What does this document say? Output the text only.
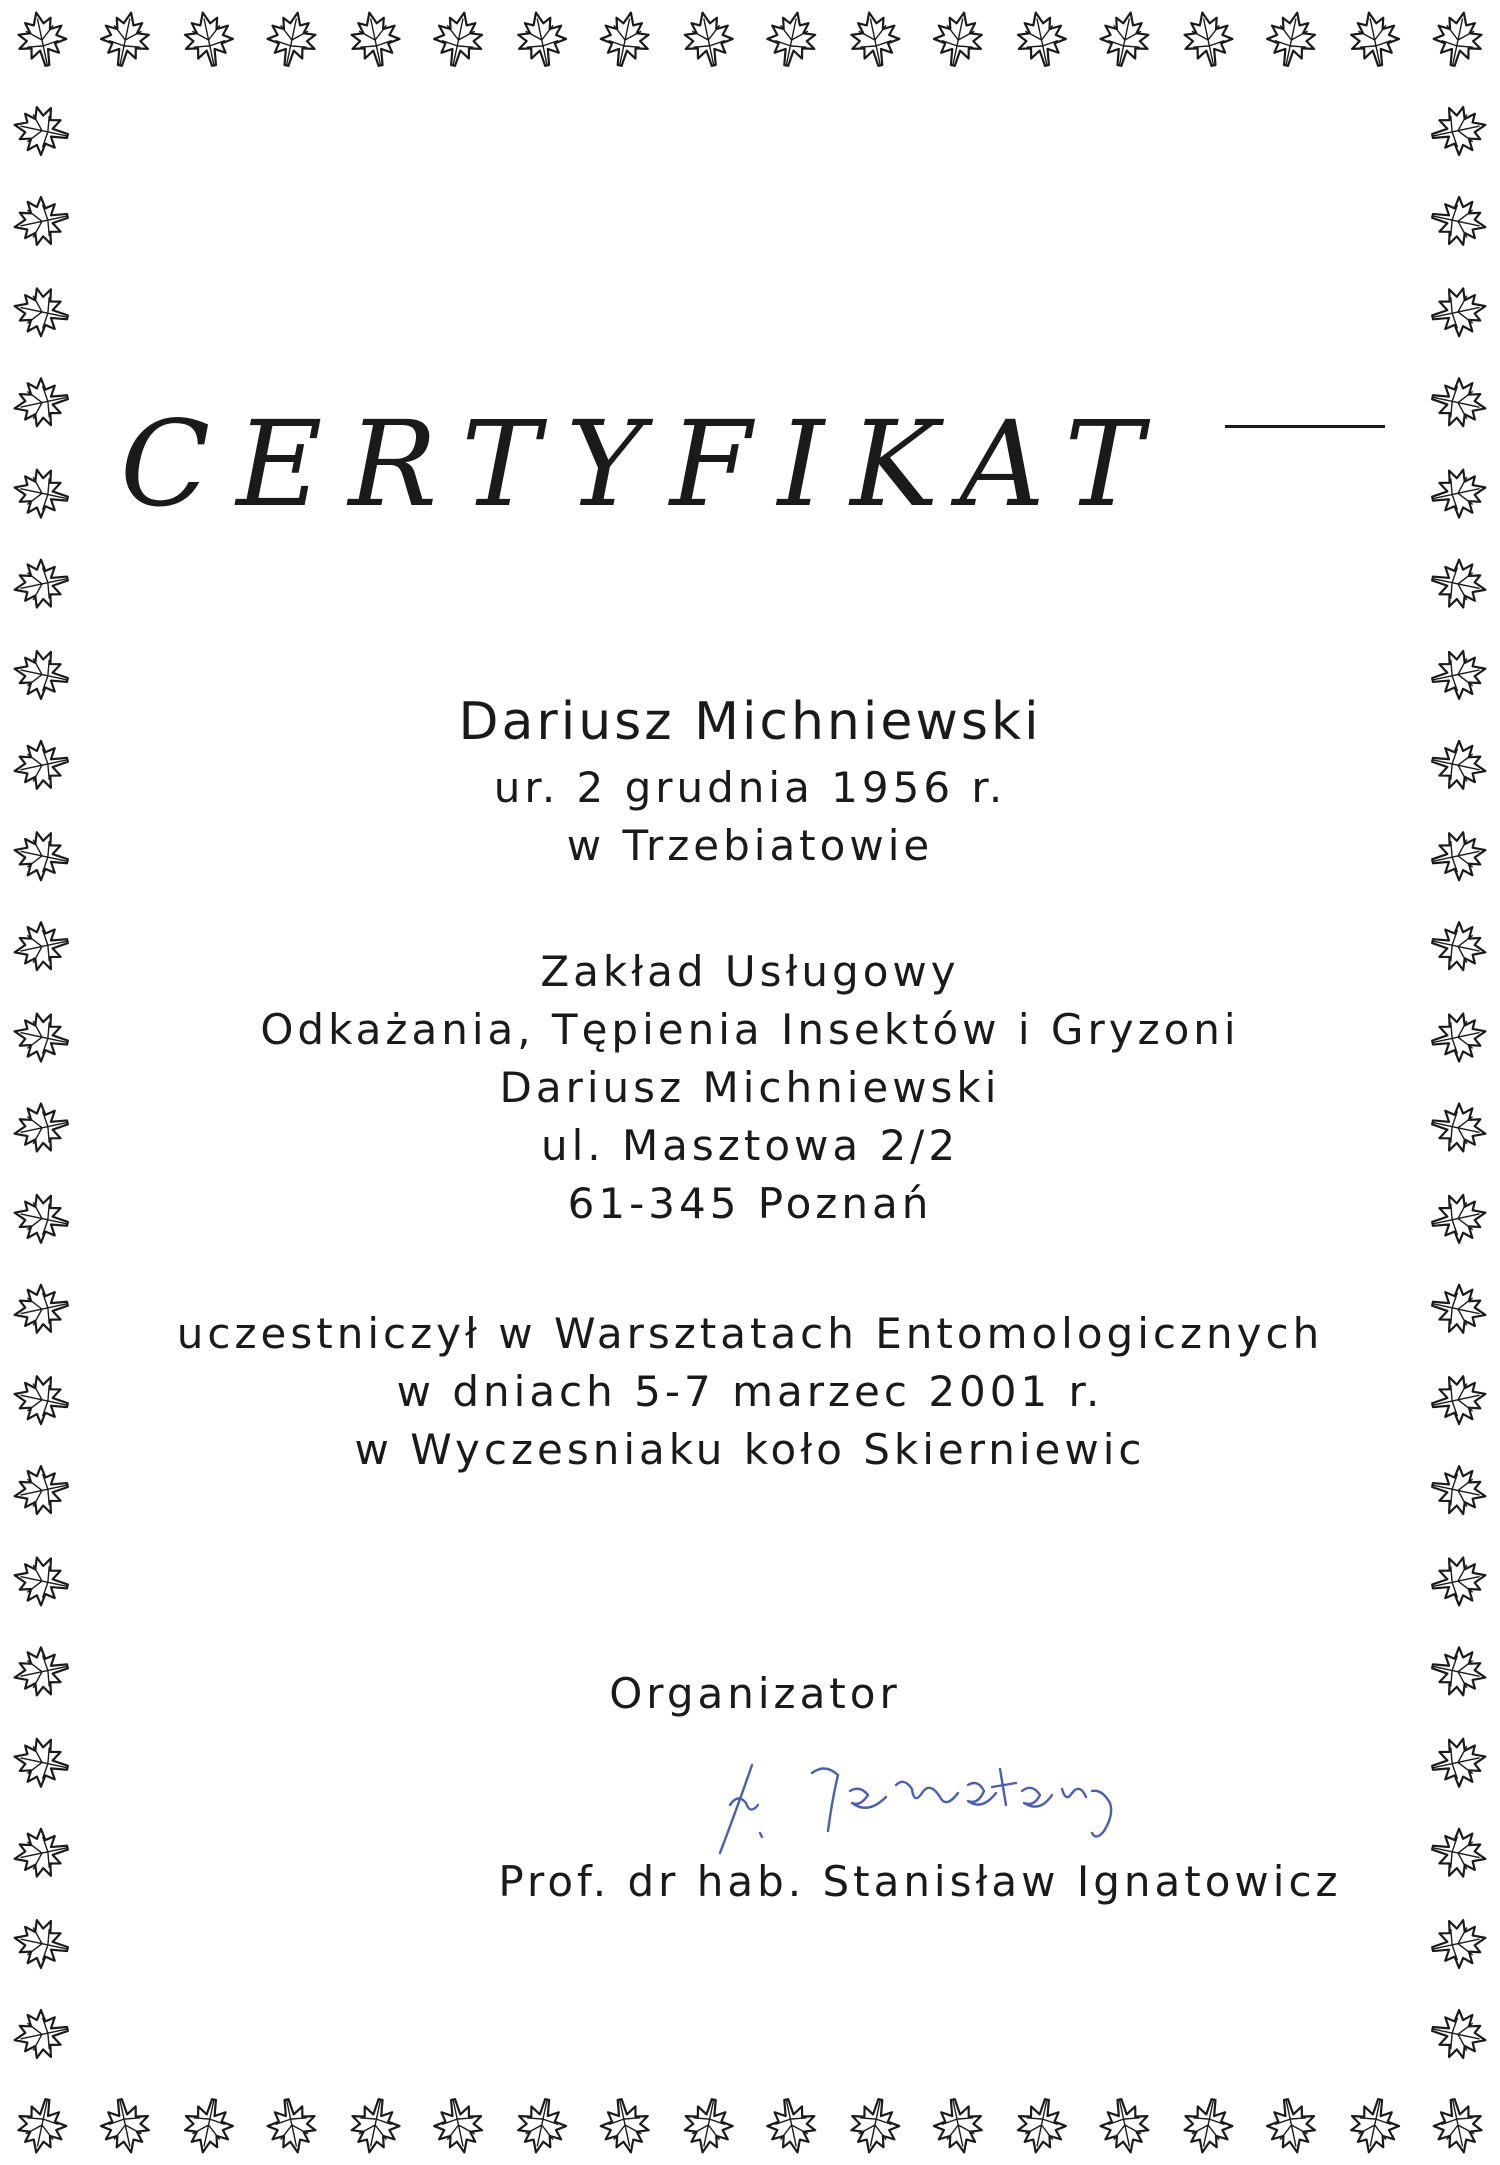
CERTYFIKAT
Dariusz Michniewski
ur. 2 grudnia 1956 r.
w Trzebiatowie
Zakład Usługowy
Odkażania, Tępienia Insektów i Gryzoni
Dariusz Michniewski
ul. Masztowa 2/2
61-345 Poznań
uczestniczył w Warsztatach Entomologicznych
w dniach 5-7 marzec 2001 r.
w Wyczesniaku koło Skierniewic
Organizator
Prof. dr hab. Stanisław Ignatowicz
